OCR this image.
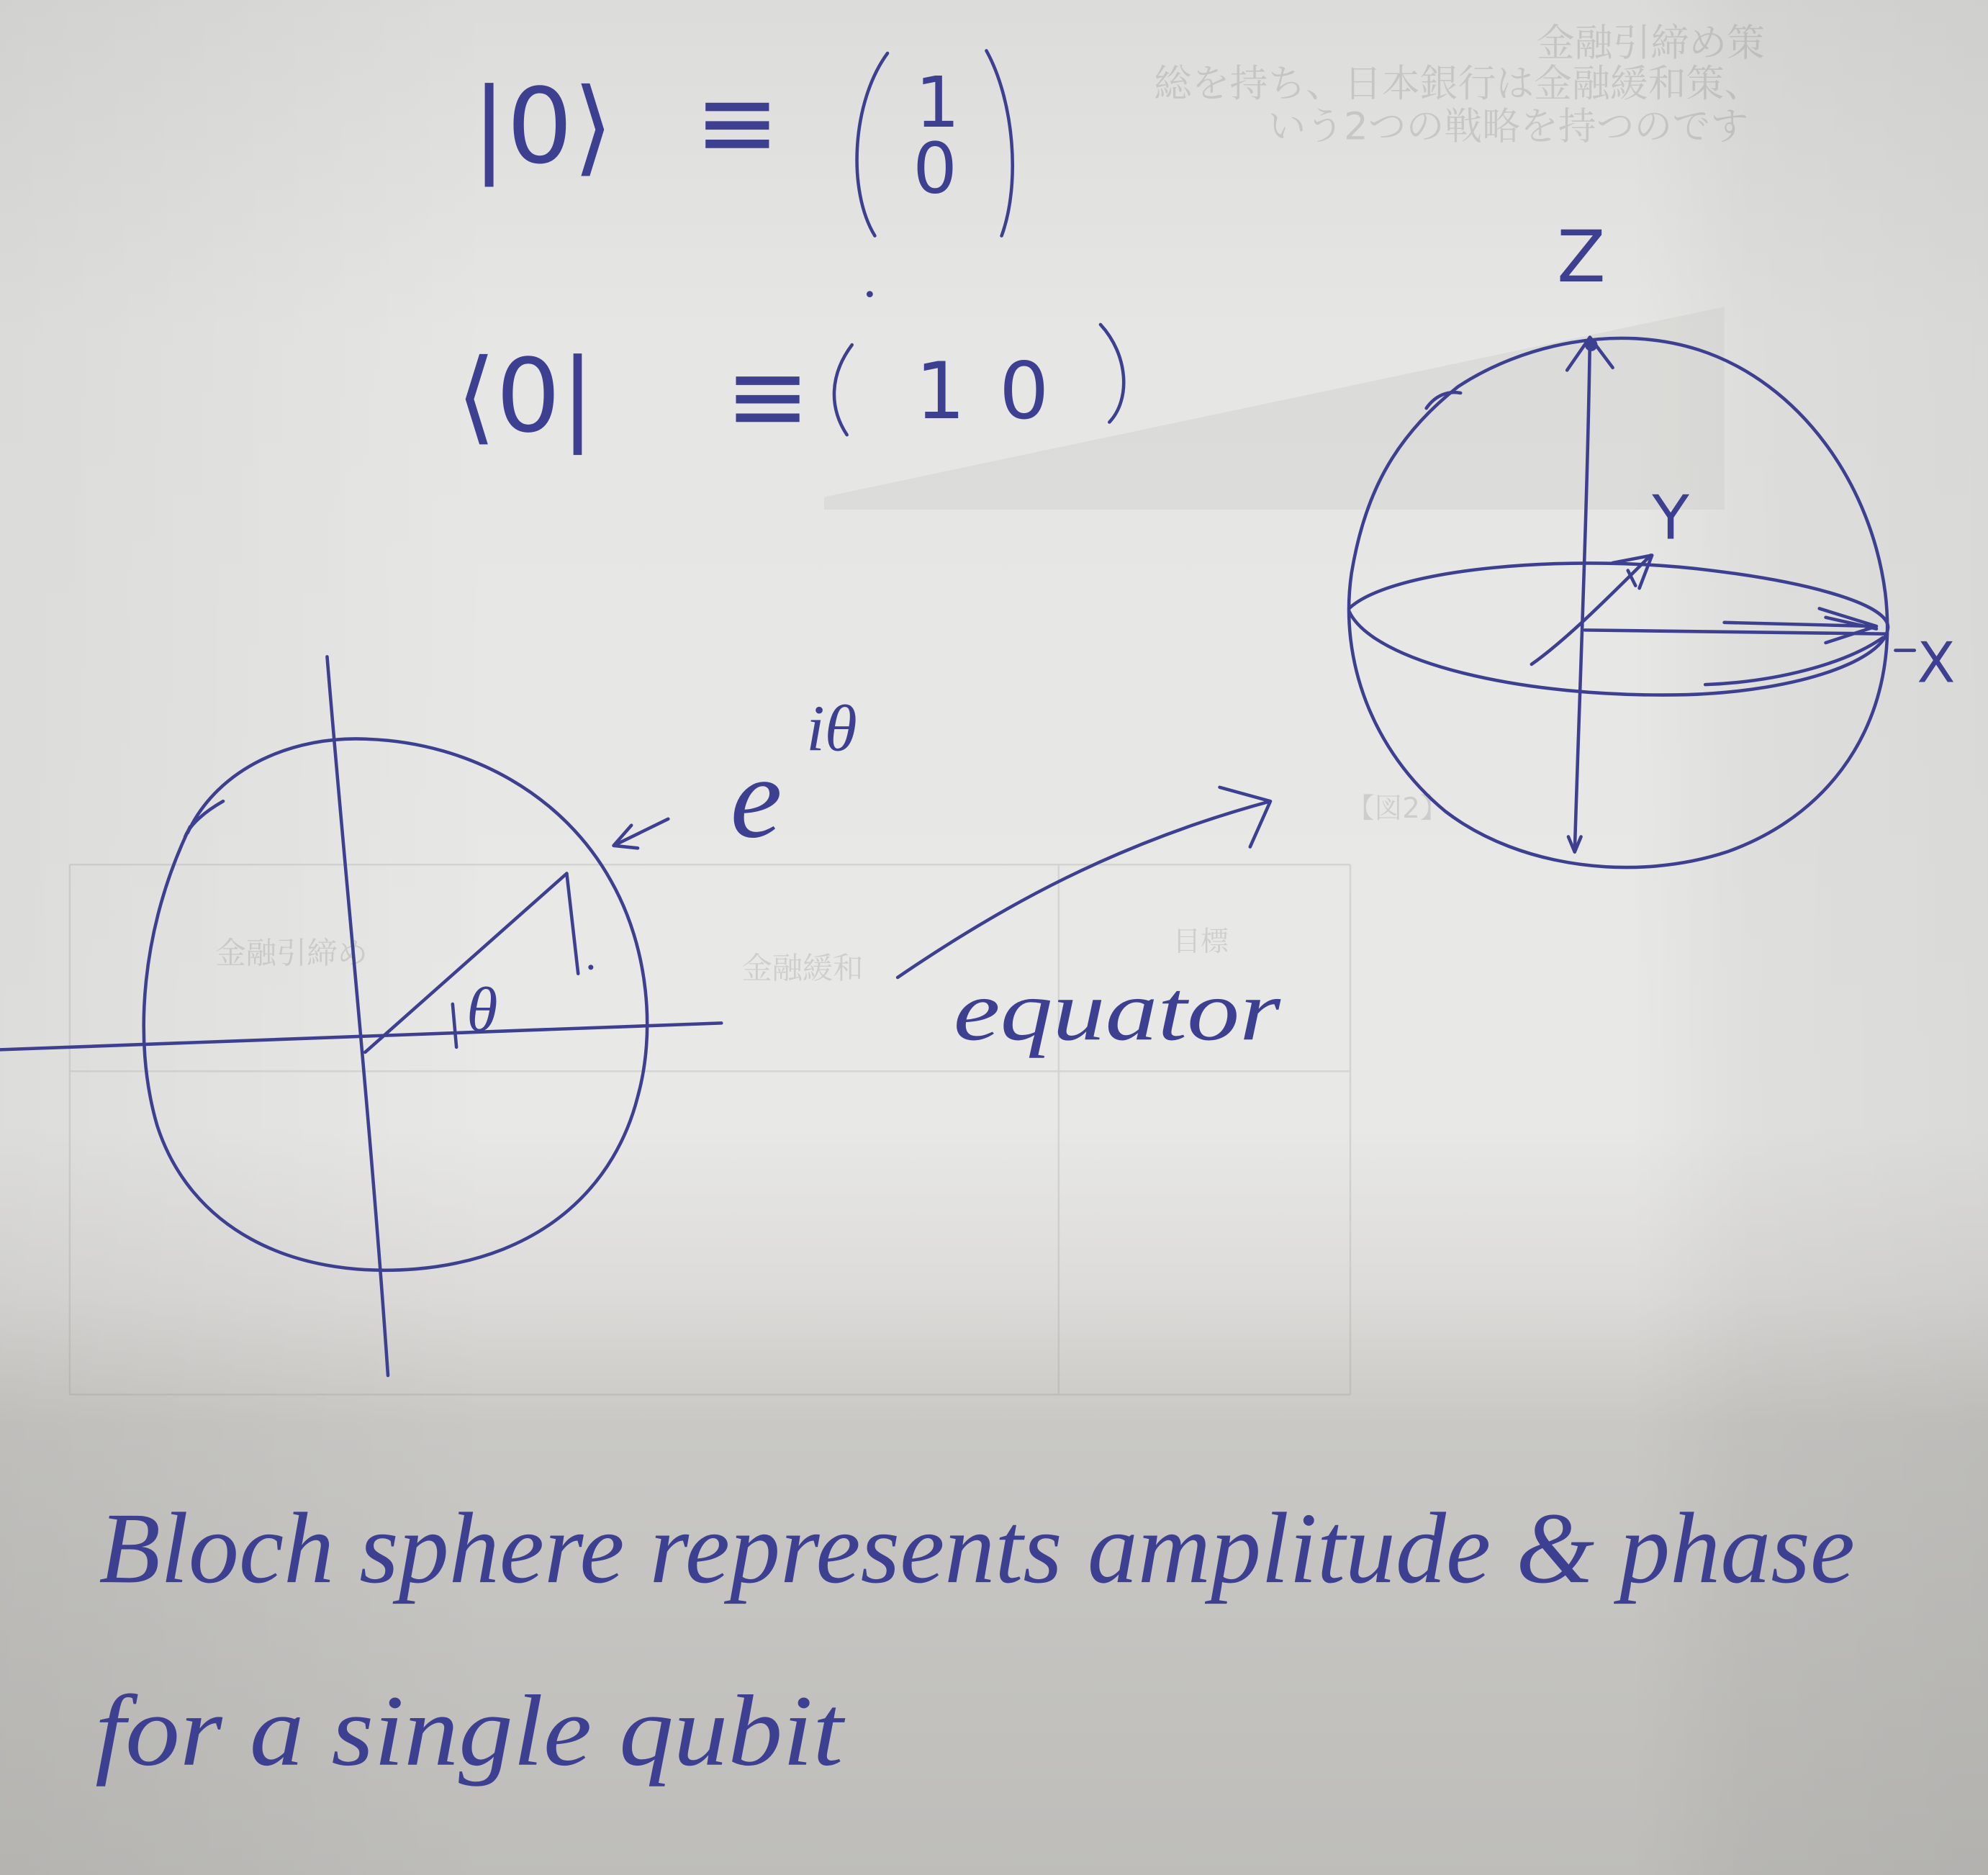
金融引締め策
総を持ち、日本銀行は金融緩和策、
いう2つの戦略を持つのです
【図2】
金融引締め	金融緩和
目標
|0⟩ ≡	1
0
⟨0| ≡ 1 0
θ
e
iθ
equator
Z
Y
X
Bloch sphere represents amplitude & phase
for a single qubit
